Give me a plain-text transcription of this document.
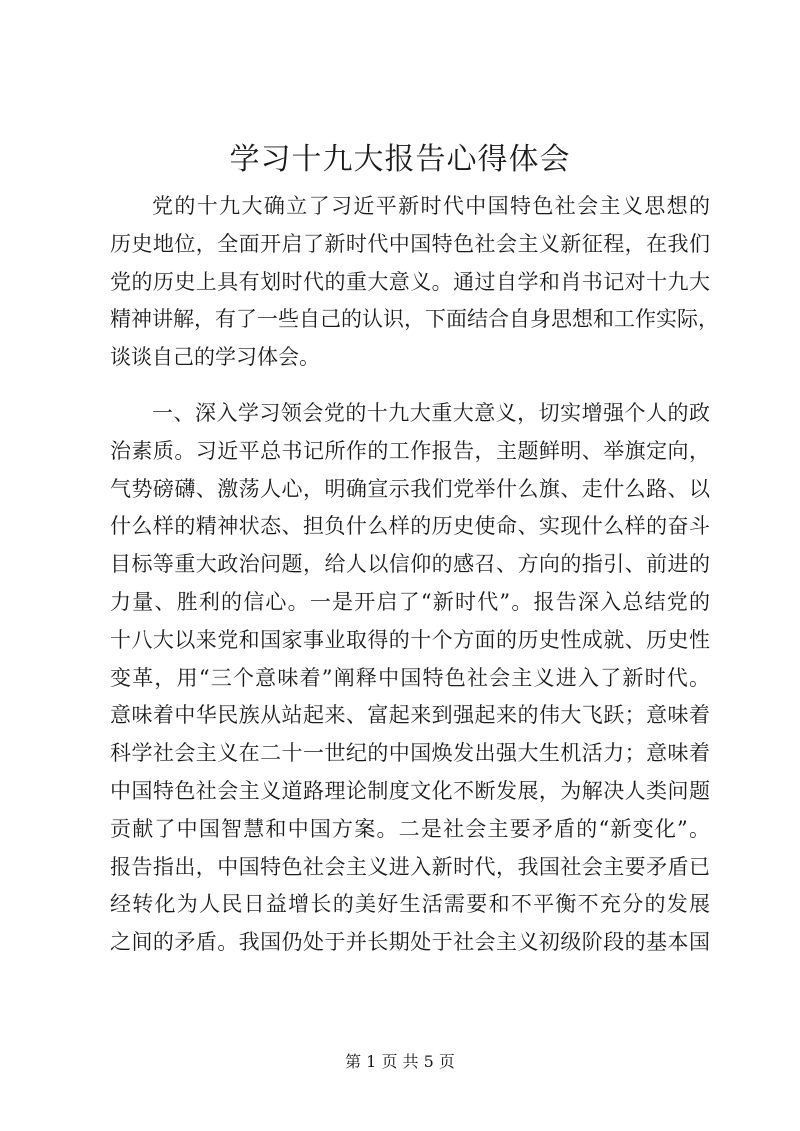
学习十九大报告心得体会
党的十九大确立了习近平新时代中国特色社会主义思想的
历史地位，全面开启了新时代中国特色社会主义新征程，在我们
党的历史上具有划时代的重大意义。通过自学和肖书记对十九大
精神讲解，有了一些自己的认识，下面结合自身思想和工作实际，
谈谈自己的学习体会。
一、深入学习领会党的十九大重大意义，切实增强个人的政
治素质。习近平总书记所作的工作报告，主题鲜明、举旗定向，
气势磅礴、激荡人心，明确宣示我们党举什么旗、走什么路、以
什么样的精神状态、担负什么样的历史使命、实现什么样的奋斗
目标等重大政治问题，给人以信仰的感召、方向的指引、前进的
力量、胜利的信心。一是开启了“新时代”。报告深入总结党的
十八大以来党和国家事业取得的十个方面的历史性成就、历史性
变革，用“三个意味着”阐释中国特色社会主义进入了新时代。
意味着中华民族从站起来、富起来到强起来的伟大飞跃；意味着
科学社会主义在二十一世纪的中国焕发出强大生机活力；意味着
中国特色社会主义道路理论制度文化不断发展，为解决人类问题
贡献了中国智慧和中国方案。二是社会主要矛盾的“新变化”。
报告指出，中国特色社会主义进入新时代，我国社会主要矛盾已
经转化为人民日益增长的美好生活需要和不平衡不充分的发展
之间的矛盾。我国仍处于并长期处于社会主义初级阶段的基本国
第 1 页 共 5 页
